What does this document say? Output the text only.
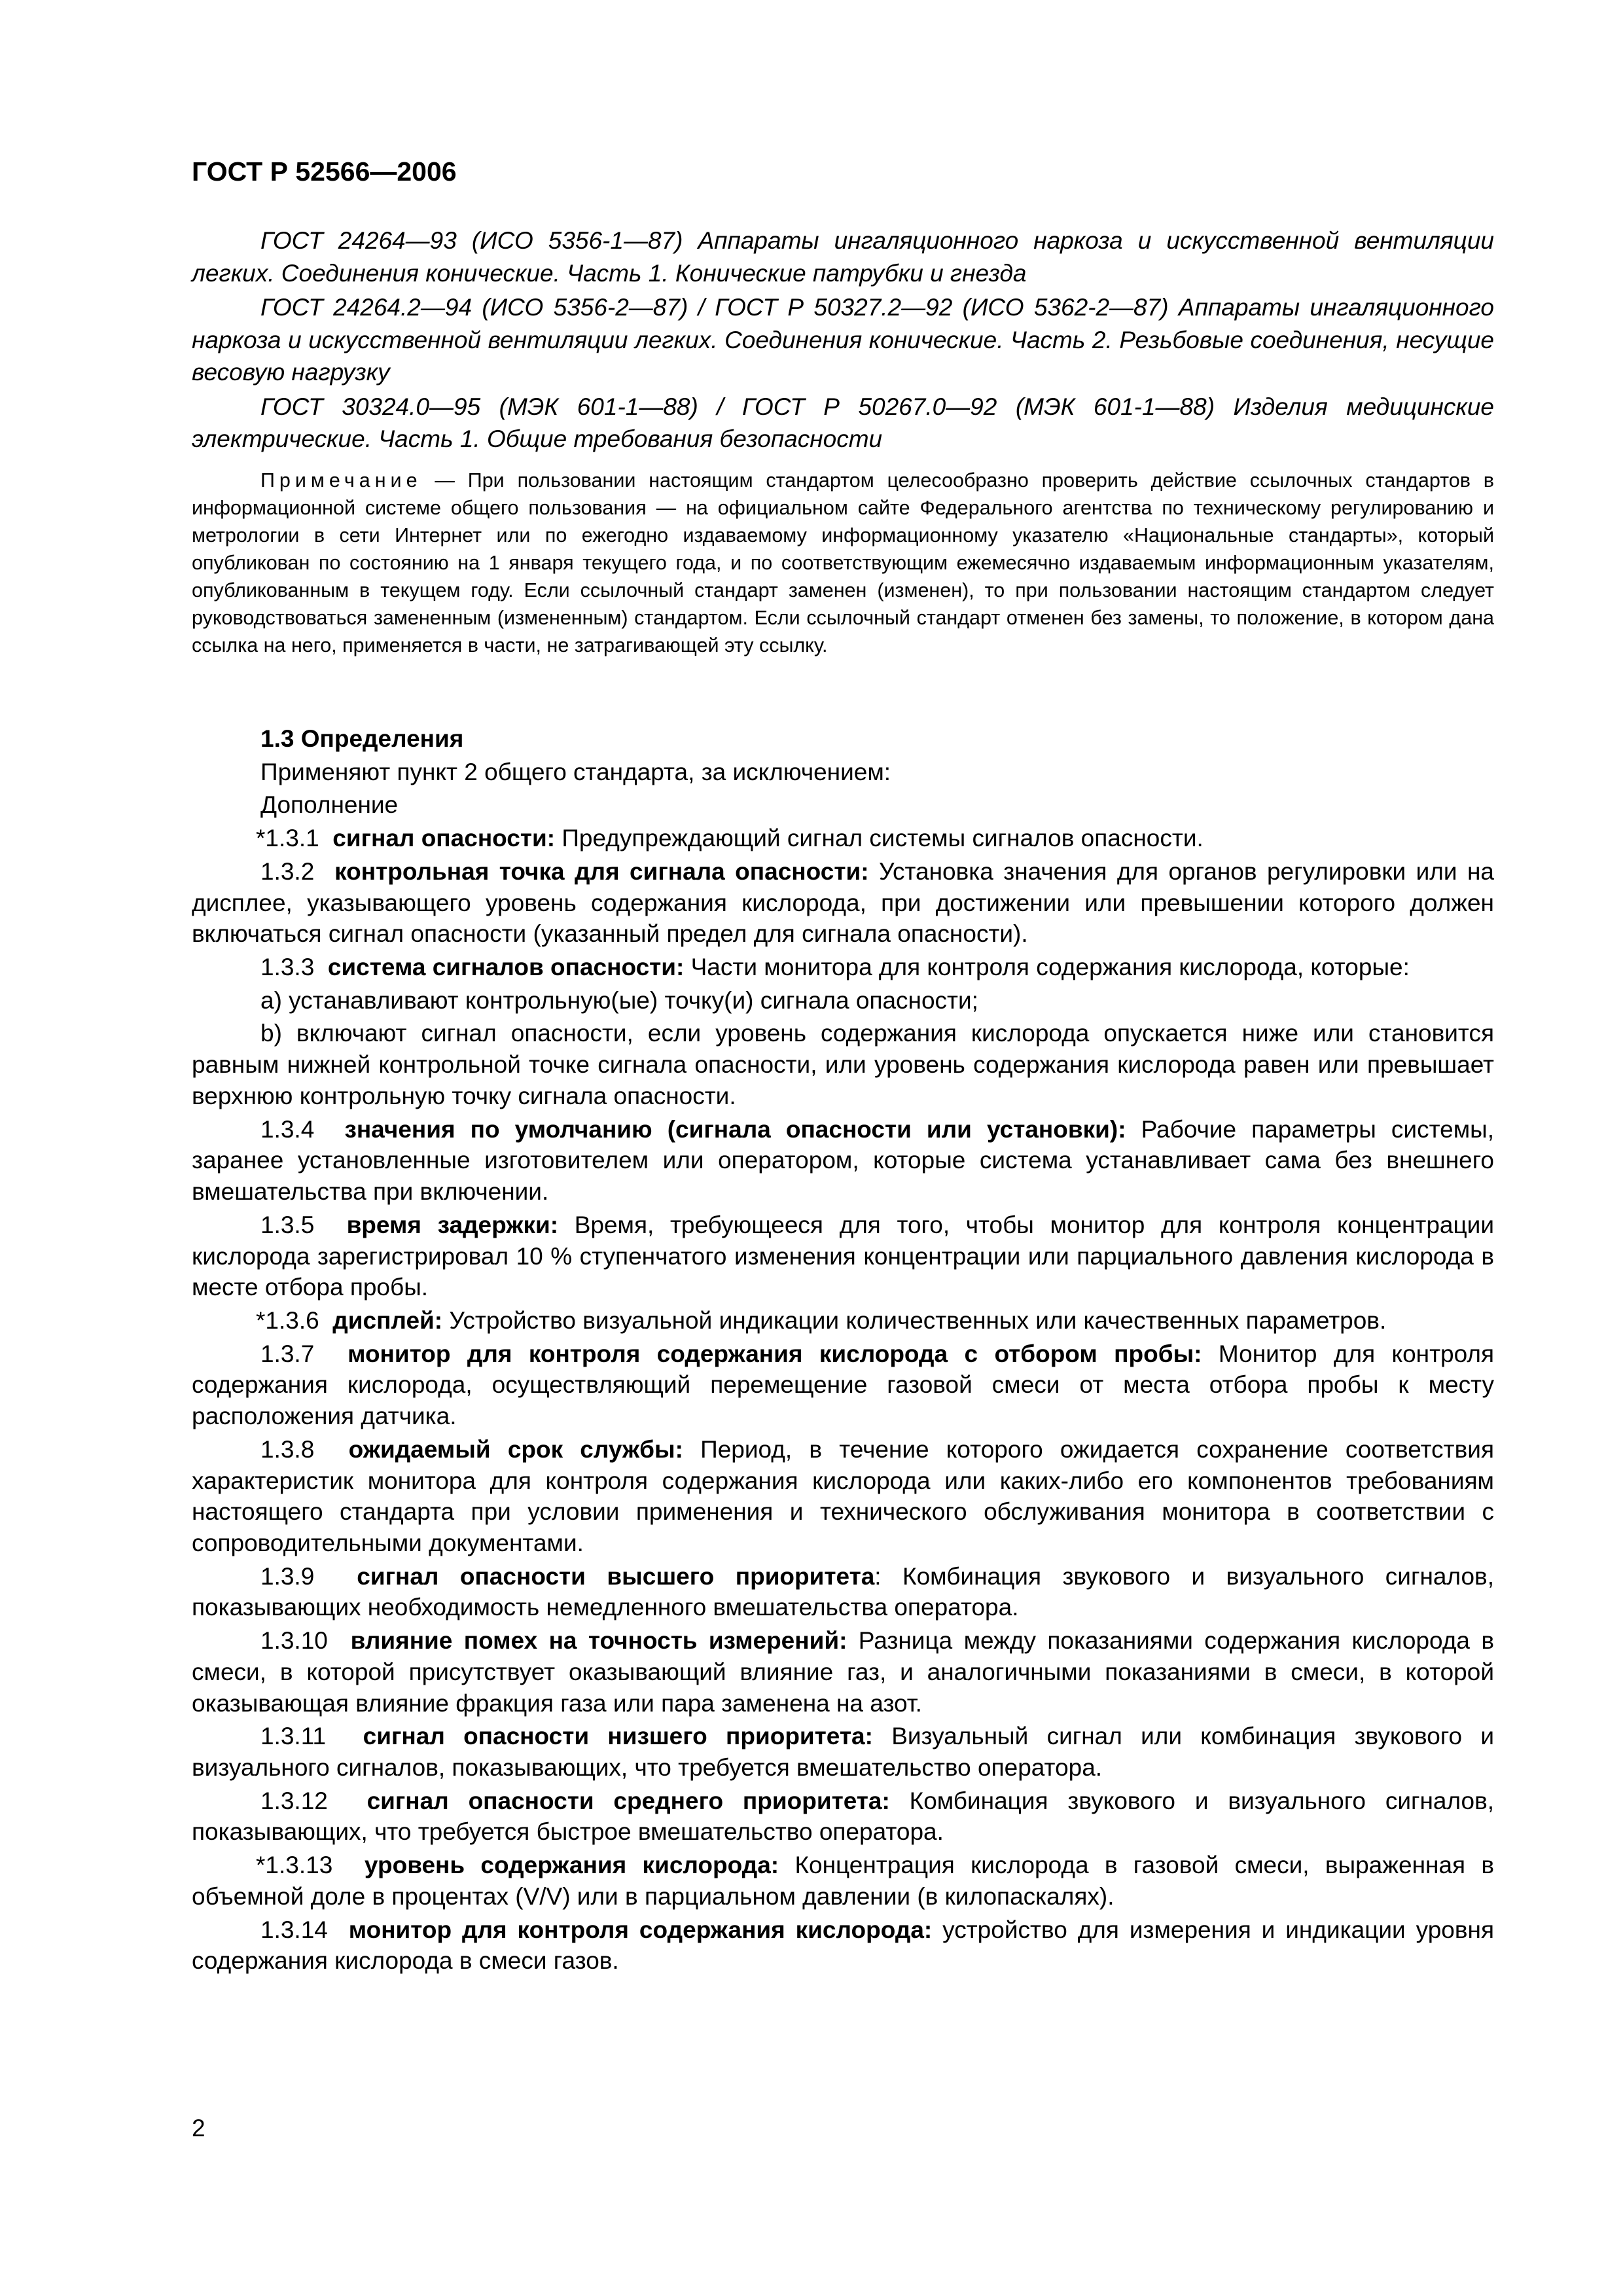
ГОСТ Р 52566—2006

ГОСТ 24264—93 (ИСО 5356-1—87) Аппараты ингаляционного наркоза и искусственной вентиляции легких. Соединения конические. Часть 1. Конические патрубки и гнезда

ГОСТ 24264.2—94 (ИСО 5356-2—87) / ГОСТ Р 50327.2—92 (ИСО 5362-2—87) Аппараты ингаляционного наркоза и искусственной вентиляции легких. Соединения конические. Часть 2. Резьбовые соединения, несущие весовую нагрузку

ГОСТ 30324.0—95 (МЭК 601-1—88) / ГОСТ Р 50267.0—92 (МЭК 601-1—88) Изделия медицинские электрические. Часть 1. Общие требования безопасности

Примечание — При пользовании настоящим стандартом целесообразно проверить действие ссылочных стандартов в информационной системе общего пользования — на официальном сайте Федерального агентства по техническому регулированию и метрологии в сети Интернет или по ежегодно издаваемому информационному указателю «Национальные стандарты», который опубликован по состоянию на 1 января текущего года, и по соответствующим ежемесячно издаваемым информационным указателям, опубликованным в текущем году. Если ссылочный стандарт заменен (изменен), то при пользовании настоящим стандартом следует руководствоваться замененным (измененным) стандартом. Если ссылочный стандарт отменен без замены, то положение, в котором дана ссылка на него, применяется в части, не затрагивающей эту ссылку.

1.3 Определения

Применяют пункт 2 общего стандарта, за исключением:

Дополнение

*1.3.1 сигнал опасности: Предупреждающий сигнал системы сигналов опасности.

1.3.2 контрольная точка для сигнала опасности: Установка значения для органов регулировки или на дисплее, указывающего уровень содержания кислорода, при достижении или превышении которого должен включаться сигнал опасности (указанный предел для сигнала опасности).

1.3.3 система сигналов опасности: Части монитора для контроля содержания кислорода, которые:

a) устанавливают контрольную(ые) точку(и) сигнала опасности;

b) включают сигнал опасности, если уровень содержания кислорода опускается ниже или становится равным нижней контрольной точке сигнала опасности, или уровень содержания кислорода равен или превышает верхнюю контрольную точку сигнала опасности.

1.3.4 значения по умолчанию (сигнала опасности или установки): Рабочие параметры системы, заранее установленные изготовителем или оператором, которые система устанавливает сама без внешнего вмешательства при включении.

1.3.5 время задержки: Время, требующееся для того, чтобы монитор для контроля концентрации кислорода зарегистрировал 10 % ступенчатого изменения концентрации или парциального давления кислорода в месте отбора пробы.

*1.3.6 дисплей: Устройство визуальной индикации количественных или качественных параметров.

1.3.7 монитор для контроля содержания кислорода с отбором пробы: Монитор для контроля содержания кислорода, осуществляющий перемещение газовой смеси от места отбора пробы к месту расположения датчика.

1.3.8 ожидаемый срок службы: Период, в течение которого ожидается сохранение соответствия характеристик монитора для контроля содержания кислорода или каких-либо его компонентов требованиям настоящего стандарта при условии применения и технического обслуживания монитора в соответствии с сопроводительными документами.

1.3.9 сигнал опасности высшего приоритета: Комбинация звукового и визуального сигналов, показывающих необходимость немедленного вмешательства оператора.

1.3.10 влияние помех на точность измерений: Разница между показаниями содержания кислорода в смеси, в которой присутствует оказывающий влияние газ, и аналогичными показаниями в смеси, в которой оказывающая влияние фракция газа или пара заменена на азот.

1.3.11 сигнал опасности низшего приоритета: Визуальный сигнал или комбинация звукового и визуального сигналов, показывающих, что требуется вмешательство оператора.

1.3.12 сигнал опасности среднего приоритета: Комбинация звукового и визуального сигналов, показывающих, что требуется быстрое вмешательство оператора.

*1.3.13 уровень содержания кислорода: Концентрация кислорода в газовой смеси, выраженная в объемной доле в процентах (V/V) или в парциальном давлении (в килопаскалях).

1.3.14 монитор для контроля содержания кислорода: устройство для измерения и индикации уровня содержания кислорода в смеси газов.

2
